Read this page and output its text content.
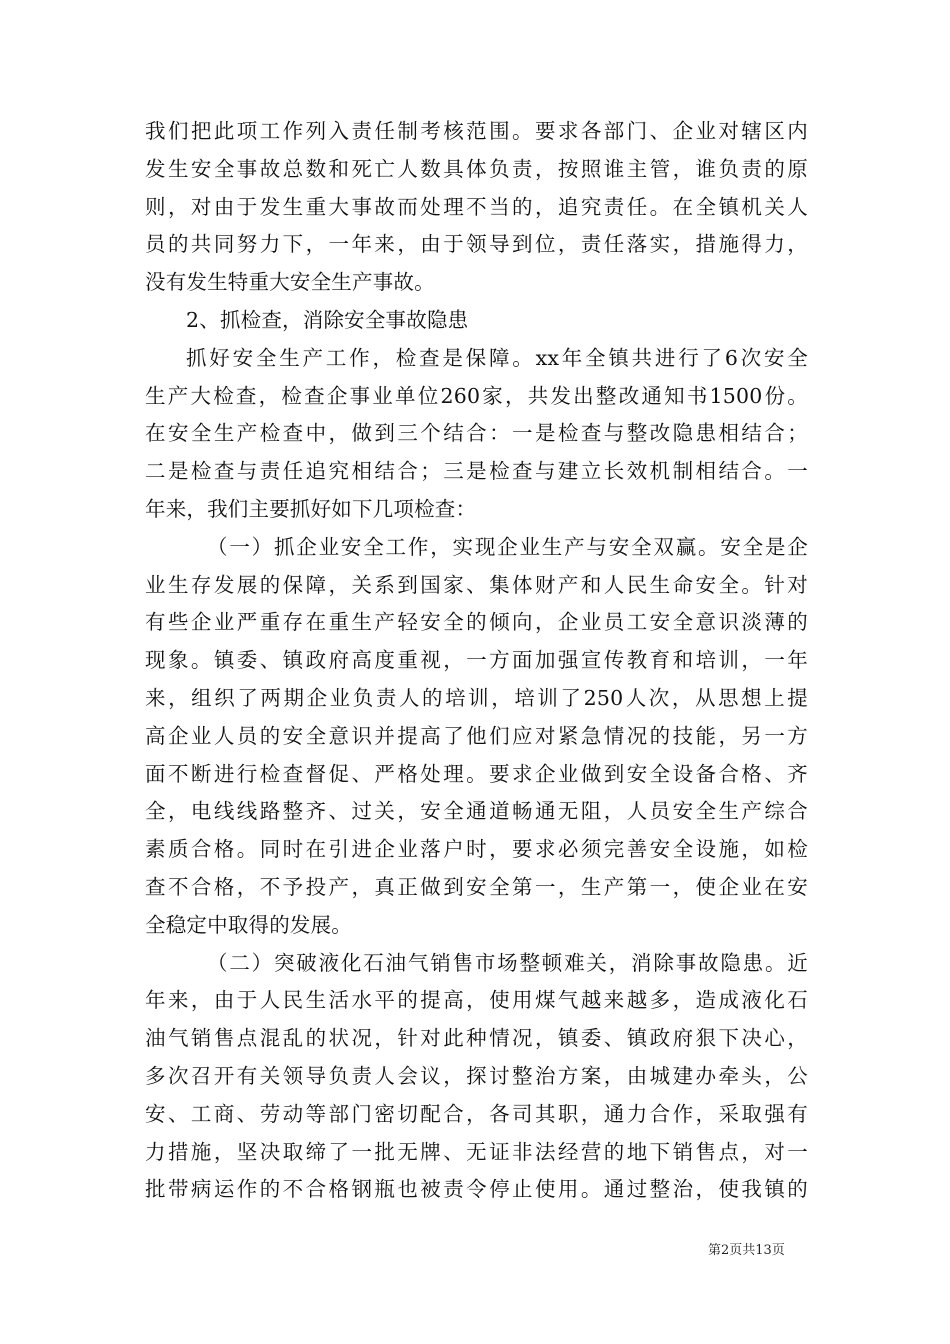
我们把此项工作列入责任制考核范围。要求各部门、企业对辖区内
发生安全事故总数和死亡人数具体负责，按照谁主管，谁负责的原
则，对由于发生重大事故而处理不当的，追究责任。在全镇机关人
员的共同努力下，一年来，由于领导到位，责任落实，措施得力，
没有发生特重大安全生产事故。
2、抓检查，消除安全事故隐患
抓好安全生产工作，检查是保障。xx年全镇共进行了6次安全
生产大检查，检查企事业单位260家，共发出整改通知书1500份。
在安全生产检查中，做到三个结合：一是检查与整改隐患相结合；
二是检查与责任追究相结合；三是检查与建立长效机制相结合。一
年来，我们主要抓好如下几项检查：
（一）抓企业安全工作，实现企业生产与安全双赢。安全是企
业生存发展的保障，关系到国家、集体财产和人民生命安全。针对
有些企业严重存在重生产轻安全的倾向，企业员工安全意识淡薄的
现象。镇委、镇政府高度重视，一方面加强宣传教育和培训，一年
来，组织了两期企业负责人的培训，培训了250人次，从思想上提
高企业人员的安全意识并提高了他们应对紧急情况的技能，另一方
面不断进行检查督促、严格处理。要求企业做到安全设备合格、齐
全，电线线路整齐、过关，安全通道畅通无阻，人员安全生产综合
素质合格。同时在引进企业落户时，要求必须完善安全设施，如检
查不合格，不予投产，真正做到安全第一，生产第一，使企业在安
全稳定中取得的发展。
（二）突破液化石油气销售市场整顿难关，消除事故隐患。近
年来，由于人民生活水平的提高，使用煤气越来越多，造成液化石
油气销售点混乱的状况，针对此种情况，镇委、镇政府狠下决心，
多次召开有关领导负责人会议，探讨整治方案，由城建办牵头，公
安、工商、劳动等部门密切配合，各司其职，通力合作，采取强有
力措施，坚决取缔了一批无牌、无证非法经营的地下销售点，对一
批带病运作的不合格钢瓶也被责令停止使用。通过整治，使我镇的
第2页共13页
